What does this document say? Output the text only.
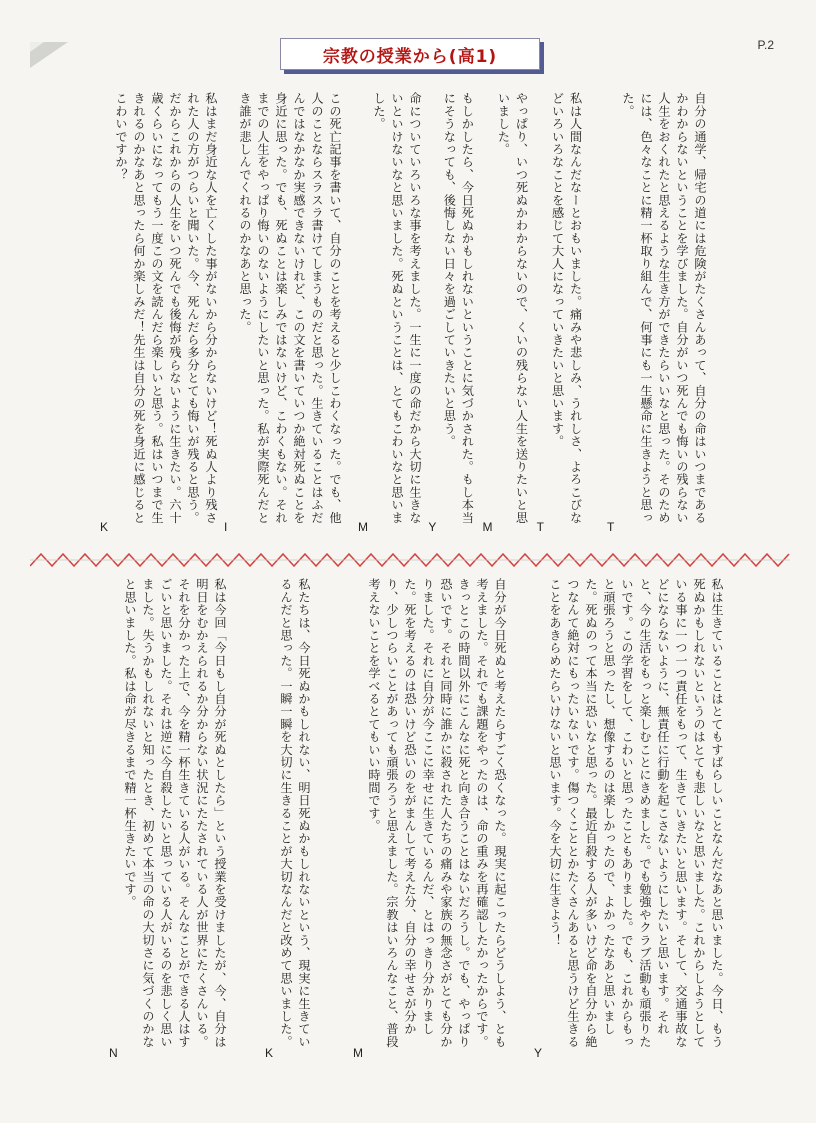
P.2
宗教の授業から(高1)
自分の通学、帰宅の道には危険がたくさんあって、自分の命はいつまであるかわからないということを学びました。自分がいつ死んでも悔いの残らない人生をおくれたと思えるような生き方ができたらいいなと思った。そのためには、色々なことに精一杯取り組んで、何事にも一生懸命に生きようと思った。
T
私は人間なんだなーとおもいました。痛みや悲しみ、うれしさ、よろこびなどいろいろなことを感じて大人になっていきたいと思います。
T
やっぱり、いつ死ぬかわからないので、くいの残らない人生を送りたいと思いました。
M
もしかしたら、今日死ぬかもしれないということに気づかされた。もし本当にそうなっても、後悔しない日々を過ごしていきたいと思う。
Y
命についていろいろな事を考えました。一生に一度の命だから大切に生きないといけないなと思いました。死ぬということは、とてもこわいなと思いました。
M
この死亡記事を書いて、自分のことを考えると少しこわくなった。でも、他人のことならスラスラ書けてしまうものだと思った。生きていることはふだんではなかなか実感できないけれど、この文を書いていつか絶対死ぬことを身近に思った。でも、死ぬことは楽しみではないけど、こわくもない。それまでの人生をやっぱり悔いのないようにしたいと思った。私が実際死んだとき誰が悲しんでくれるのかなあと思った。
I
私はまだ身近な人を亡くした事がないから分からないけど！死ぬ人より残された人の方がつらいと聞いた。今、死んだら多分とても悔いが残ると思う。だからこれからの人生をいつ死んでも後悔が残らないように生きたい。六十歳くらいになってもう一度この文を読んだら楽しいと思う。私はいつまで生きれるのかなあと思ったら何か楽しみだ！先生は自分の死を身近に感じるとこわいですか？
K
私は生きていることはとてもすばらしいことなんだなあと思いました。今日、もう死ぬかもしれないというのはとても悲しいなと思いました。これからしようとしている事に一つ一つ責任をもって、生きていきたいと思います。そして、交通事故などにならないように、無責任に行動を起こさないようにしたいと思います。それと、今の生活をもっと楽しむことにきめました。でも勉強やクラブ活動も頑張りたいです。この学習をして、こわいと思ったこともありました。でも、これからもっと頑張ろうと思ったし、想像するのは楽しかったので、よかったなあと思いました。死ぬのって本当に恐いなと思った。最近自殺する人が多いけど命を自分から絶つなんて絶対にもったいないです。傷つくこととかたくさんあると思うけど生きることをあきらめたらいけないと思います。今を大切に生きよう！
Y
自分が今日死ぬと考えたらすごく恐くなった。現実に起こったらどうしよう、とも考えました。それでも課題をやったのは、命の重みを再確認したかったからです。きっとこの時間以外にこんなに死と向き合うことはないだろうし。でも、やっぱり恐いです。それと同時に誰かに殺された人たちの痛みや家族の無念さがとても分かりました。それに自分が今ここに幸せに生きているんだ、とはっきり分かりました。死を考えるのは恐いけど恐いのをがまんして考えた分、自分の幸せさが分かり、少しつらいことがあっても頑張ろうと思えました。宗教はいろんなこと、普段考えないことを学べるとてもいい時間です。
M
私たちは、今日死ぬかもしれない、明日死ぬかもしれないという、現実に生きているんだと思った。一瞬一瞬を大切に生きることが大切なんだと改めて思いました。
K
私は今回「今日もし自分が死ぬとしたら」という授業を受けましたが、今、自分は明日をむかえられるか分からない状況にたたされている人が世界にたくさんいる。それを分かった上で、今を精一杯生きている人がいる。そんなことができる人はすごいと思いました。それは逆に今自殺したいと思っている人がいるのを悲しく思いました。失うかもしれないと知ったとき、初めて本当の命の大切さに気づくのかなと思いました。私は命が尽きるまで精一杯生きたいです。
N
